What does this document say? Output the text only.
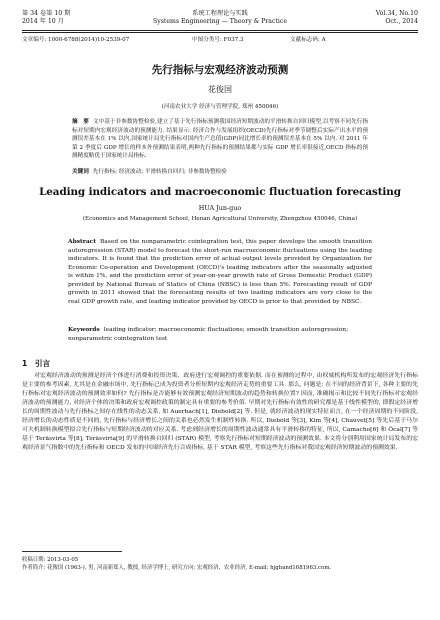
第 34 卷第 10 期
2014 年 10 月
系统工程理论与实践
Systems Engineering — Theory & Practice
Vol.34, No.10
Oct., 2014
文章编号: 1000-6788(2014)10-2539-07	中图分类号: F037.3	文献标志码: A
先行指标与宏观经济波动预测
花俊国
(河南农业大学 经济与管理学院, 郑州 450046)
摘　要 文中基于非参数协整检验,建立了基于先行指标预测我国经济短期波动的平滑转换自回归模型,以考察不同先行指标对短期内宏观经济波动的预测能力. 结果显示: 经济合作与发展组织(OECD)先行指标对季节调整后实际产出水平的预测误差基本在 1% 以内,国家统计局先行指标对国内生产总值(GDP)同比增长率的预测误差基本在 5% 以内. 对 2011 年第 2 季度后 GDP 增长的样本外预测结果表明,两种先行指标的预测结果都与实际 GDP 增长率很接近,OECD 指标的预测精度略优于国家统计局指标.
关键词 先行指标; 经济波动; 平滑转换自回归; 非参数协整检验
Leading indicators and macroeconomic fluctuation forecasting
HUA Jun-guo
(Economics and Management School, Henan Agricultural University, Zhengzhou 450046, China)
Abstract Based on the nonparametric cointegration test, this paper develops the smooth transition autoregression (STAR) model to forecast the short-run macroeconomic fluctuations using the leading indicators. It is found that the prediction error of actual output levels provided by Organization for Economic Co-operation and Development (OECD)'s leading indicators after the seasonally adjusted is within 1%, and the prediction error of year-on-year growth rate of Gross Domestic Product (GDP) provided by National Bureau of Statics of China (NBSC) is less than 5%. Forecasting result of GDP growth in 2011 showed that the forecasting results of two leading indicators are very close to the real GDP growth rate, and leading indicator provided by OECD is prior to that provided by NBSC.
Keywords leading indicator; macroeconomic fluctuations; smooth transition autoregression; nonparametric cointegration test
1　引言
对宏观经济波动的预测是经济个体进行消费和投资决策、政府进行宏观调控的重要依据. 而在预测的过程中, 由权威机构所发布的宏观经济先行指标是主要的参考因素, 尤其是在金融市场中, 先行指标已成为投资者分析短期内宏观经济走势的重要工具. 那么, 问题是: 在不同的经济背景下, 各种主要的先行指标对宏观经济波动的预测效率如何? 先行指标是否能够有效预测宏观经济短期波动的趋势和转换位置? 因而, 准确揭示和比较不同先行指标对宏观经济波动的预测能力, 对经济个体的决策和政府宏观调控政策的制定具有重要的参考价值. 早期对先行指标有效性的研究都是基于线性模型的, 即假定经济增长的周期性波动与先行指标之间存在线性的动态关系, 如 Auerbach[1], Diebold[2] 等. 但是, 就经济波动的现实特征而言, 在一个经济周期的不同阶段, 经济增长的动态性质是不同的, 先行指标与经济增长之间的关系也必然发生机制性转换. 所以, Diebold 等[3], Kim 等[4], Chauvet[5] 等先后基于马尔可夫机制转换模型拟合先行指标与短期经济波动的对应关系. 考虑到经济增长的周期性波动通常具有平滑转移的特征, 所以, Camacho[6] 和 Öcal[7] 等基于 Teräsvirta 等[8], Teräsvirta[9] 的平滑转换自回归 (STAR) 模型, 考察先行指标对短期经济波动的预测效果. 本文将分别利用国家统计局发布的宏观经济景气指数中的先行指标和 OECD 发布的中国经济先行合成指标, 基于 STAR 模型, 考察这些先行指标对我国宏观经济短期波动的预测效果.
收稿日期: 2013-03-05
作者简介: 花俊国 (1963-), 男, 河南新郑人, 教授, 经济学博士, 研究方向: 宏观经济、农业经济, E-mail: hjghand1681963.com.
